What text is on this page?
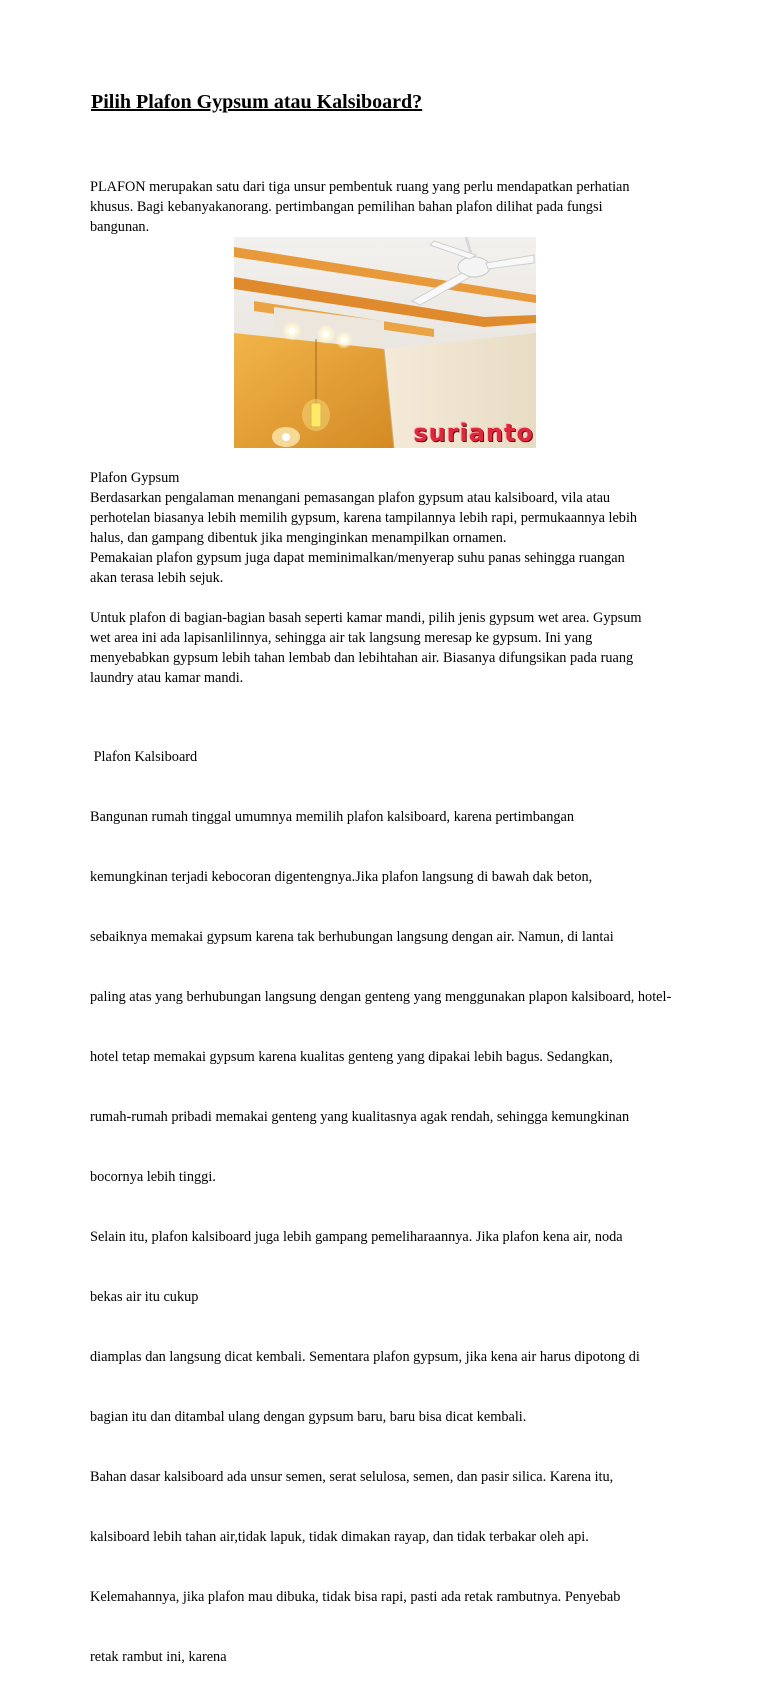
Pilih Plafon Gypsum atau Kalsiboard?
PLAFON merupakan satu dari tiga unsur pembentuk ruang yang perlu mendapatkan perhatian
khusus. Bagi kebanyakanorang. pertimbangan pemilihan bahan plafon dilihat pada fungsi
bangunan.
surianto
Plafon Gypsum
Berdasarkan pengalaman menangani pemasangan plafon gypsum atau kalsiboard, vila atau
perhotelan biasanya lebih memilih gypsum, karena tampilannya lebih rapi, permukaannya lebih
halus, dan gampang dibentuk jika menginginkan menampilkan ornamen.
Pemakaian plafon gypsum juga dapat meminimalkan/menyerap suhu panas sehingga ruangan
akan terasa lebih sejuk.
Untuk plafon di bagian-bagian basah seperti kamar mandi, pilih jenis gypsum wet area. Gypsum
wet area ini ada lapisanlilinnya, sehingga air tak langsung meresap ke gypsum. Ini yang
menyebabkan gypsum lebih tahan lembab dan lebihtahan air. Biasanya difungsikan pada ruang
laundry atau kamar mandi.

Plafon Kalsiboard

Bangunan rumah tinggal umumnya memilih plafon kalsiboard, karena pertimbangan

kemungkinan terjadi kebocoran digentengnya.Jika plafon langsung di bawah dak beton,

sebaiknya memakai gypsum karena tak berhubungan langsung dengan air. Namun, di lantai

paling atas yang berhubungan langsung dengan genteng yang menggunakan plapon kalsiboard, hotel-

hotel tetap memakai gypsum karena kualitas genteng yang dipakai lebih bagus. Sedangkan,

rumah-rumah pribadi memakai genteng yang kualitasnya agak rendah, sehingga kemungkinan

bocornya lebih tinggi.

Selain itu, plafon kalsiboard juga lebih gampang pemeliharaannya. Jika plafon kena air, noda

bekas air itu cukup

diamplas dan langsung dicat kembali. Sementara plafon gypsum, jika kena air harus dipotong di

bagian itu dan ditambal ulang dengan gypsum baru, baru bisa dicat kembali.

Bahan dasar kalsiboard ada unsur semen, serat selulosa, semen, dan pasir silica. Karena itu,

kalsiboard lebih tahan air,tidak lapuk, tidak dimakan rayap, dan tidak terbakar oleh api.

Kelemahannya, jika plafon mau dibuka, tidak bisa rapi, pasti ada retak rambutnya. Penyebab

retak rambut ini, karena
